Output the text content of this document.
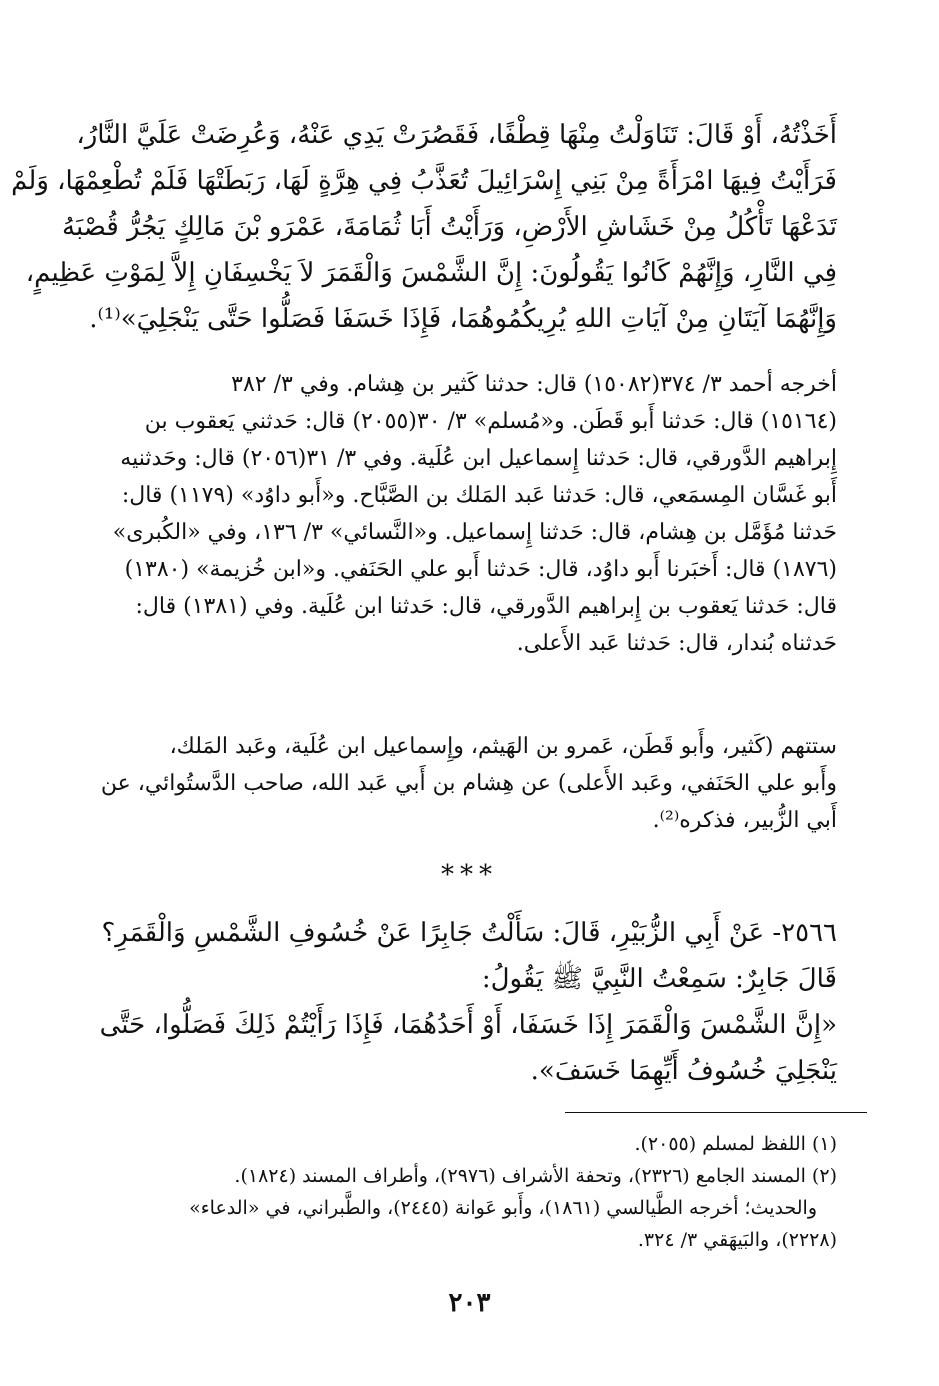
أَخَذْتُهُ، أَوْ قَالَ: تَنَاوَلْتُ مِنْهَا قِطْفًا، فَقَصُرَتْ يَدِي عَنْهُ، وَعُرِضَتْ عَلَيَّ النَّارُ،
فَرَأَيْتُ فِيهَا امْرَأَةً مِنْ بَنِي إِسْرَائِيلَ تُعَذَّبُ فِي هِرَّةٍ لَهَا، رَبَطَتْهَا فَلَمْ تُطْعِمْهَا، وَلَمْ
تَدَعْهَا تَأْكُلُ مِنْ خَشَاشِ الأَرْضِ، وَرَأَيْتُ أَبَا ثُمَامَةَ، عَمْرَو بْنَ مَالِكٍ يَجُرُّ قُصْبَهُ
فِي النَّارِ، وَإِنَّهُمْ كَانُوا يَقُولُونَ: إِنَّ الشَّمْسَ وَالْقَمَرَ لاَ يَخْسِفَانِ إِلاَّ لِمَوْتِ عَظِيمٍ،
وَإِنَّهُمَا آيَتَانِ مِنْ آيَاتِ اللهِ يُرِيكُمُوهُمَا، فَإِذَا خَسَفَا فَصَلُّوا حَتَّى يَنْجَلِيَ»⁽¹⁾.
أخرجه أحمد ٣/ ٣٧٤(١٥٠٨٢) قال: حدثنا كَثير بن هِشام. وفي ٣/ ٣٨٢
(١٥١٦٤) قال: حَدثنا أَبو قَطَن. و«مُسلم» ٣/ ٣٠(٢٠٥٥) قال: حَدثني يَعقوب بن
إِبراهيم الدَّورقي، قال: حَدثنا إِسماعيل ابن عُلَية. وفي ٣/ ٣١(٢٠٥٦) قال: وحَدثنيه
أَبو غَسَّان المِسمَعي، قال: حَدثنا عَبد المَلك بن الصَّبَّاح. و«أَبو داوُد» (١١٧٩) قال:
حَدثنا مُؤَمَّل بن هِشام، قال: حَدثنا إِسماعيل. و«النَّسائي» ٣/ ١٣٦، وفي «الكُبرى»
(١٨٧٦) قال: أَخبَرنا أَبو داوُد، قال: حَدثنا أَبو علي الحَنَفي. و«ابن خُزيمة» (١٣٨٠)
قال: حَدثنا يَعقوب بن إِبراهيم الدَّورقي، قال: حَدثنا ابن عُلَية. وفي (١٣٨١) قال:
حَدثناه بُندار، قال: حَدثنا عَبد الأَعلى.
ستتهم (كَثير، وأَبو قَطَن، عَمرو بن الهَيثم، وإِسماعيل ابن عُلَية، وعَبد المَلك،
وأَبو علي الحَنَفي، وعَبد الأَعلى) عن هِشام بن أَبي عَبد الله، صاحب الدَّستُوائي، عن
أَبي الزُّبير، فذكره⁽²⁾.
***
٢٥٦٦- عَنْ أَبِي الزُّبَيْرِ، قَالَ: سَأَلْتُ جَابِرًا عَنْ خُسُوفِ الشَّمْسِ وَالْقَمَرِ؟
قَالَ جَابِرٌ: سَمِعْتُ النَّبِيَّ ﷺ يَقُولُ:
«إِنَّ الشَّمْسَ وَالْقَمَرَ إِذَا خَسَفَا، أَوْ أَحَدُهُمَا، فَإِذَا رَأَيْتُمْ ذَلِكَ فَصَلُّوا، حَتَّى
يَنْجَلِيَ خُسُوفُ أَيِّهِمَا خَسَفَ».
(١) اللفظ لمسلم (٢٠٥٥).
(٢) المسند الجامع (٢٣٢٦)، وتحفة الأشراف (٢٩٧٦)، وأطراف المسند (١٨٢٤).
والحديث؛ أخرجه الطَّيالسي (١٨٦١)، وأَبو عَوانة (٢٤٤٥)، والطَّبراني، في «الدعاء»
(٢٢٢٨)، والبَيهَقي ٣/ ٣٢٤.
٢٠٣
